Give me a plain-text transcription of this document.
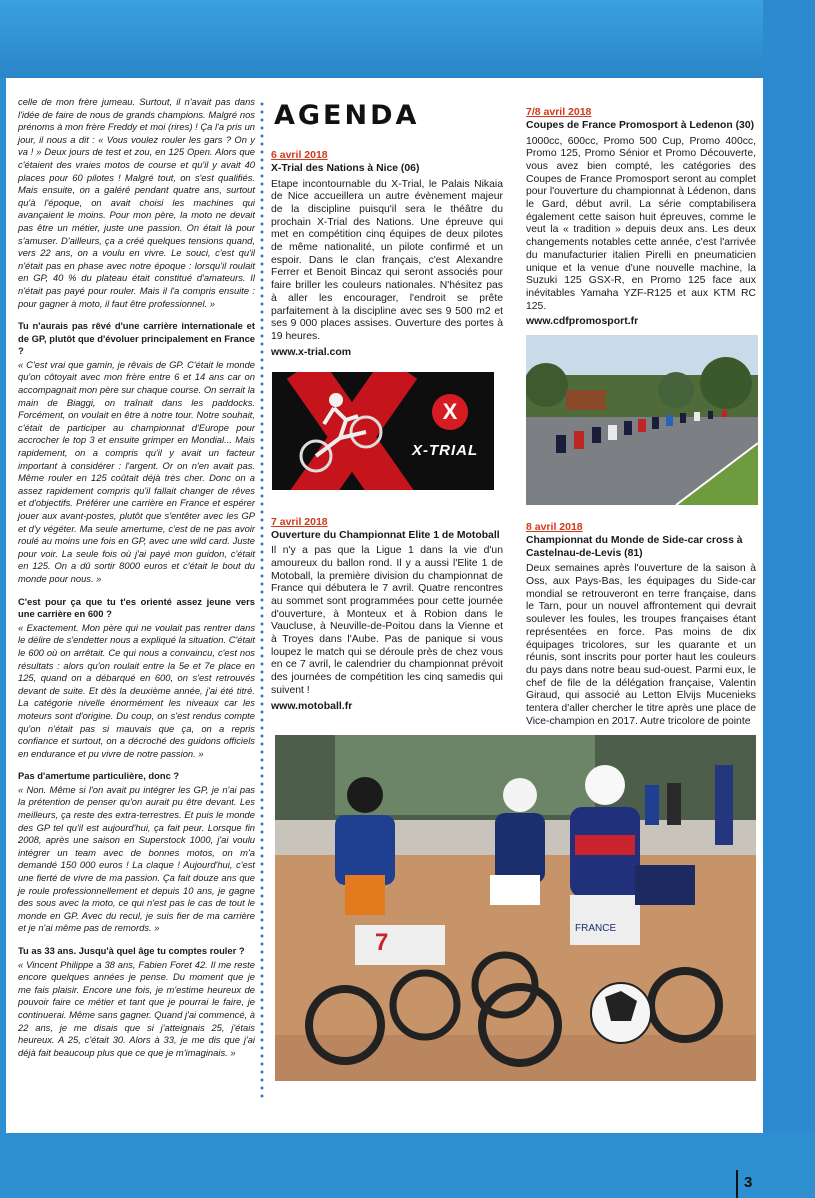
celle de mon frère jumeau. Surtout, il n'avait pas dans l'idée de faire de nous de grands champions. Malgré nos prénoms à mon frère Freddy et moi (rires) ! Ça l'a pris un jour, il nous a dit : « Vous voulez rouler les gars ? On y va ! » Deux jours de test et zou, en 125 Open. Alors que c'étaient des vraies motos de course et qu'il y avait 40 places pour 60 pilotes ! Malgré tout, on s'est qualifiés. Mais ensuite, on a galéré pendant quatre ans, surtout qu'à l'époque, on avait choisi les machines qui avançaient le moins. Pour mon père, la moto ne devait pas être un métier, juste une passion. On était là pour s'amuser. D'ailleurs, ça a créé quelques tensions quand, vers 22 ans, on a voulu en vivre. Le souci, c'est qu'il n'était pas en phase avec notre époque : lorsqu'il roulait en GP, 40 % du plateau était constitué d'amateurs. Il n'était pas payé pour rouler. Mais il l'a compris ensuite : pour gagner à moto, il faut être professionnel. »

Tu n'aurais pas rêvé d'une carrière internationale et de GP, plutôt que d'évoluer principalement en France ?

« C'est vrai que gamin, je rêvais de GP. C'était le monde qu'on côtoyait avec mon frère entre 6 et 14 ans car on accompagnait mon père sur chaque course. On serrait la main de Biaggi, on traînait dans les paddocks. Forcément, on voulait en être à notre tour. Notre souhait, c'était de participer au championnat d'Europe pour accrocher le top 3 et ensuite grimper en Mondial... Mais rapidement, on a compris qu'il y avait un facteur important à considérer : l'argent. Or on n'en avait pas. Même rouler en 125 coûtait déjà très cher. Donc on a assez rapidement compris qu'il fallait changer de rêves et d'objectifs. Préférer une carrière en France et espérer jouer aux avant-postes, plutôt que s'entêter avec les GP et d'y végéter. Ma seule amertume, c'est de ne pas avoir roulé au moins une fois en GP, avec une wild card. Juste pour voir. La seule fois où j'ai payé mon guidon, c'était en 125. On a dû sortir 8000 euros et c'était le bout du monde pour nous. »

C'est pour ça que tu t'es orienté assez jeune vers une carrière en 600 ?

« Exactement. Mon père qui ne voulait pas rentrer dans le délire de s'endetter nous a expliqué la situation. C'était le 600 où on arrêtait. Ce qui nous a convaincu, c'est nos résultats : alors qu'on roulait entre la 5e et 7e place en 125, quand on a débarqué en 600, on s'est retrouvés devant de suite. Et dès la deuxième année, j'ai été titré. La catégorie nivelle énormément les niveaux car les moteurs sont d'origine. Du coup, on s'est rendus compte qu'on n'était pas si mauvais que ça, on a repris confiance et surtout, on a décroché des guidons officiels en endurance et pu vivre de notre passion. »

Pas d'amertume particulière, donc ?

« Non. Même si l'on avait pu intégrer les GP, je n'ai pas la prétention de penser qu'on aurait pu être devant. Les meilleurs, ça reste des extra-terrestres. Et puis le monde des GP tel qu'il est aujourd'hui, ça fait peur. Lorsque fin 2008, après une saison en Superstock 1000, j'ai voulu intégrer un team avec de bonnes motos, on m'a demandé 150 000 euros ! La claque ! Aujourd'hui, c'est une fierté de vivre de ma passion. Ça fait douze ans que je roule professionnellement et depuis 10 ans, je gagne des sous avec la moto, ce qui n'est pas le cas de tout le monde en GP. Avec du recul, je suis fier de ma carrière et je n'ai même pas de remords. »

Tu as 33 ans. Jusqu'à quel âge tu comptes rouler ?

« Vincent Philippe a 38 ans, Fabien Foret 42. Il me reste encore quelques années je pense. Du moment que je me fais plaisir. Encore une fois, je m'estime heureux de pouvoir faire ce métier et tant que je pourrai le faire, je continuerai. Même sans gagner. Quand j'ai commencé, à 22 ans, je me disais que si j'atteignais 25, j'étais heureux. A 25, c'était 30. Alors à 33, je me dis que j'ai déjà fait beaucoup plus que ce que je m'imaginais. »

AGENDA
6 avril 2018
X-Trial des Nations à Nice (06)

Etape incontournable du X-Trial, le Palais Nikaia de Nice accueillera un autre évènement majeur de la discipline puisqu'il sera le théâtre du prochain X-Trial des Nations. Une épreuve qui met en compétition cinq équipes de deux pilotes de même nationalité, un pilote confirmé et un espoir. Dans le clan français, c'est Alexandre Ferrer et Benoit Bincaz qui seront associés pour faire briller les couleurs nationales. N'hésitez pas à aller les encourager, l'endroit se prête parfaitement à la discipline avec ses 9 500 m2 et ses 9 000 places assises. Ouverture des portes à 19 heures.

www.x-trial.com
X
X-TRIAL
7 avril 2018
Ouverture du Championnat Elite 1 de Motoball

Il n'y a pas que la Ligue 1 dans la vie d'un amoureux du ballon rond. Il y a aussi l'Elite 1 de Motoball, la première division du championnat de France qui débutera le 7 avril. Quatre rencontres au sommet sont programmées pour cette journée d'ouverture, à Monteux et à Robion dans le Vaucluse, à Neuville-de-Poitou dans la Vienne et à Troyes dans l'Aube. Pas de panique si vous loupez le match qui se déroule près de chez vous en ce 7 avril, le calendrier du championnat prévoit des journées de compétition les cinq samedis qui suivent !

www.motoball.fr
7/8 avril 2018
Coupes de France Promosport à Ledenon (30)

1000cc, 600cc, Promo 500 Cup, Promo 400cc, Promo 125, Promo Sénior et Promo Découverte, vous avez bien compté, les catégories des Coupes de France Promosport seront au complet pour l'ouverture du championnat à Lédenon, dans le Gard, début avril. La série comptabilisera également cette saison huit épreuves, comme le veut la « tradition » depuis deux ans. Les deux changements notables cette année, c'est l'arrivée du manufacturier italien Pirelli en pneumaticien unique et la venue d'une nouvelle machine, la Suzuki 125 GSX-R, en Promo 125 face aux inévitables Yamaha YZF-R125 et aux KTM RC 125.

www.cdfpromosport.fr
8 avril 2018
Championnat du Monde de Side-car cross à Castelnau-de-Levis (81)

Deux semaines après l'ouverture de la saison à Oss, aux Pays-Bas, les équipages du Side-car mondial se retrouveront en terre française, dans le Tarn, pour un nouvel affrontement qui devrait soulever les foules, les troupes françaises étant représentées en force. Pas moins de dix équipages tricolores, sur les quarante et un réunis, sont inscrits pour porter haut les couleurs du pays dans notre beau sud-ouest. Parmi eux, le chef de file de la délégation française, Valentin Giraud, qui associé au Letton Elvijs Mucenieks tentera d'aller chercher le titre après une place de Vice-champion en 2017. Autre tricolore de pointe

FRANCE
7
3
